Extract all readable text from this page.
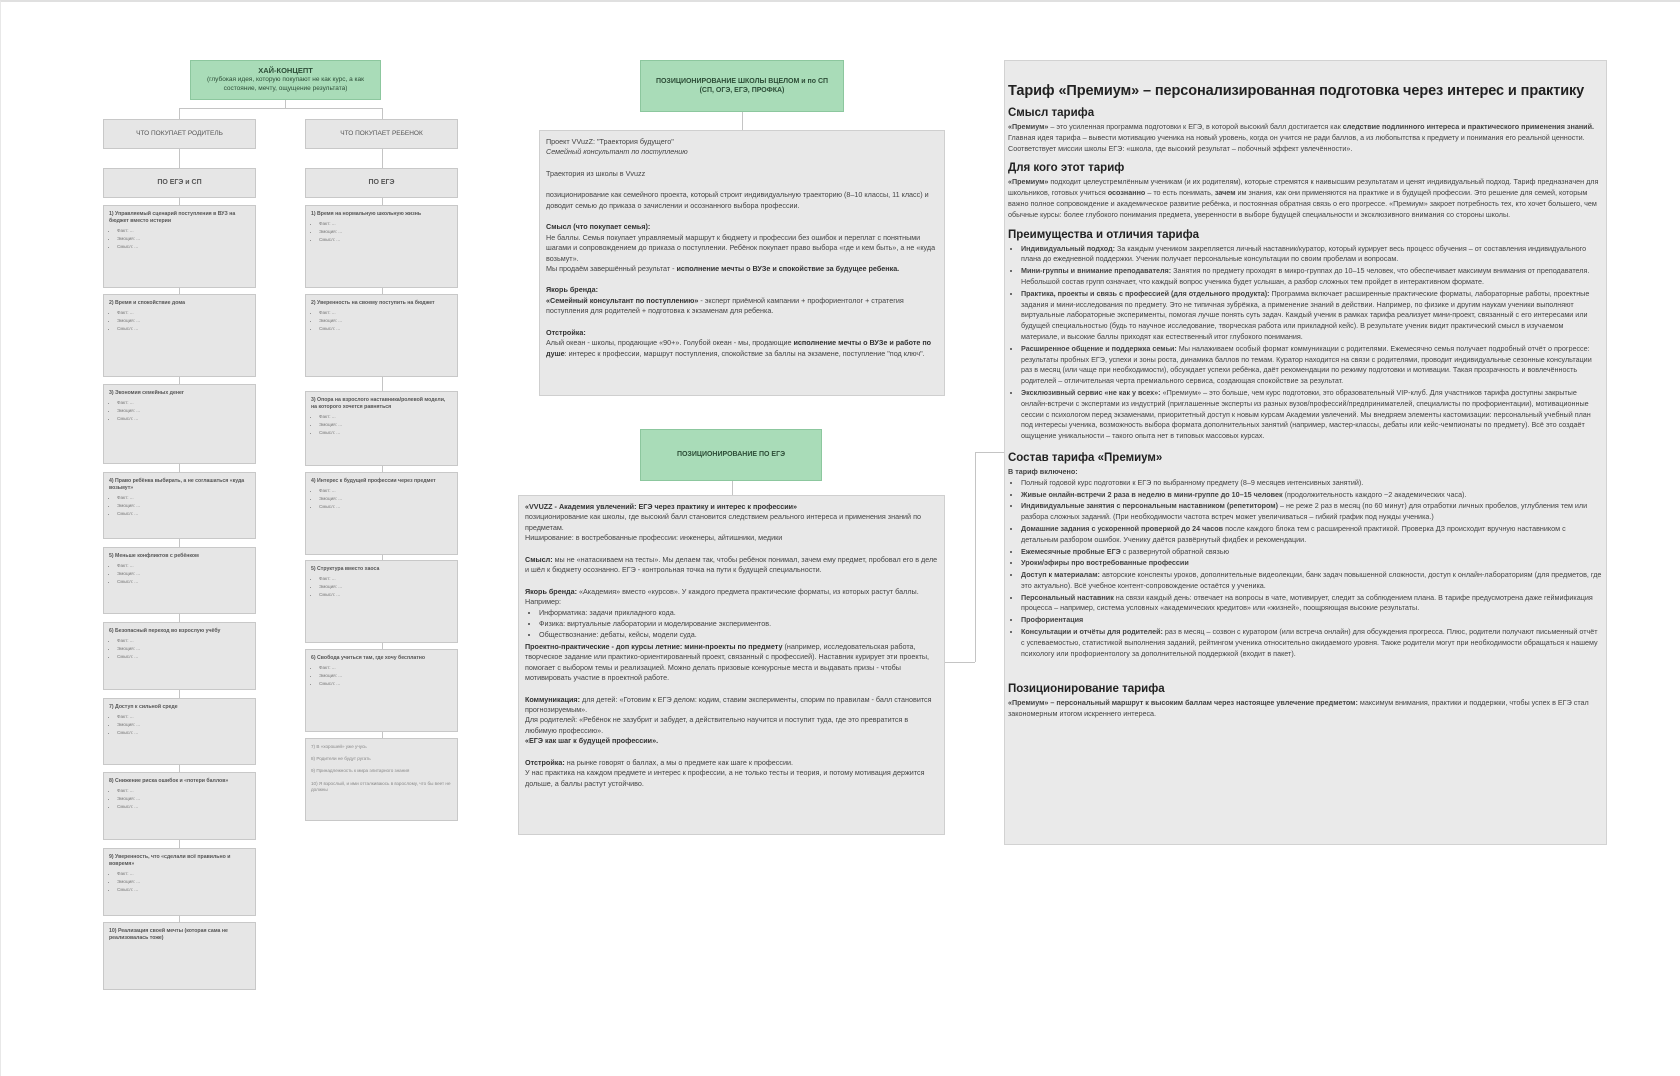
ХАЙ-КОНЦЕПТ
(глубокая идея, которую покупают не как курс, а как состояние, мечту, ощущение результата)
ЧТО ПОКУПАЕТ РОДИТЕЛЬ	ЧТО ПОКУПАЕТ РЕБЕНОК
ПО ЕГЭ и СП	ПО ЕГЭ
1) Управляемый сценарий поступления в ВУЗ на бюджет вместо истерии
• Факт: ...
• Эмоция: ...
• Смысл: ...
2) Время и спокойствие дома
• Факт: ...
• Эмоция: ...
• Смысл: ...
3) Экономия семейных денег
• Факт: ...
• Эмоция: ...
• Смысл: ...
4) Право ребёнка выбирать, а не соглашаться «куда возьмут»
• Факт: ...
• Эмоция: ...
• Смысл: ...
5) Меньше конфликтов с ребёнком
• Факт: ...
• Эмоция: ...
• Смысл: ...
6) Безопасный переход во взрослую учёбу
• Факт: ...
• Эмоция: ...
• Смысл: ...
7) Доступ к сильной среде
• Факт: ...
• Эмоция: ...
• Смысл: ...
8) Снижение риска ошибок и «потери баллов»
• Факт: ...
• Эмоция: ...
• Смысл: ...
9) Уверенность, что «сделали всё правильно и вовремя»
• Факт: ...
• Эмоция: ...
• Смысл: ...
10) Реализация своей мечты (которая сама не реализовалась тоже)
1) Время на нормальную школьную жизнь
• Факт: ...
• Эмоция: ...
• Смысл: ...
2) Уверенность на своему поступить на бюджет
• Факт: ...
• Эмоция: ...
• Смысл: ...
3) Опора на взрослого наставника/ролевой модели, на которого хочется равняться
• Факт: ...
• Эмоция: ...
• Смысл: ...
4) Интерес к будущей профессии через предмет
• Факт: ...
• Эмоция: ...
• Смысл: ...
5) Структура вместо хаоса
• Факт: ...
• Эмоция: ...
• Смысл: ...
6) Свобода учиться там, где хочу бесплатно
• Факт: ...
• Эмоция: ...
• Смысл: ...
7) В «хорошей» уже учусь
8) Родители не будут ругать
9) Принадлежность к мира элитарного знания
10) Я взрослый, и ими отталкиваюсь в взрослому, что бы веет не должны
ПОЗИЦИОНИРОВАНИЕ ШКОЛЫ ВЦЕЛОМ и по СП
(СП, ОГЭ, ЕГЭ, ПРОФКА)

Проект VVuzZ: "Траектория будущего"

Семейный консультант по поступлению

Траектория из школы в Vvuzz

позиционирование как семейного проекта, который строит индивидуальную траекторию (8–10 классы, 11 класс) и доводит семью до приказа о зачислении и осознанного выбора профессии.

Смысл (что покупает семья):

Не баллы. Семья покупает управляемый маршрут к бюджету и профессии без ошибок и переплат с понятными шагами и сопровождением до приказа о поступлении. Ребёнок покупает право выбора «где и кем быть», а не «куда возьмут».

Мы продаём завершённый результат - исполнение мечты о ВУЗе и спокойствие за будущее ребенка.

Якорь бренда:

«Семейный консультант по поступлению» - эксперт приёмной кампании + профориентолог + стратегия поступления для родителей + подготовка к экзаменам для ребенка.

Отстройка:

Алый океан - школы, продающие «90+». Голубой океан - мы, продающие исполнение мечты о ВУЗе и работе по душе: интерес к профессии, маршрут поступления, спокойствие за баллы на экзамене, поступление "под ключ".

ПОЗИЦИОНИРОВАНИЕ ПО ЕГЭ

«VVUZZ - Академия увлечений: ЕГЭ через практику и интерес к профессии»

позиционирование как школы, где высокий балл становится следствием реального интереса и применения знаний по предметам.

Ниширование: в востребованные профессии: инженеры, айтишники, медики

Смысл: мы не «натаскиваем на тесты». Мы делаем так, чтобы ребёнок понимал, зачем ему предмет, пробовал его в деле и шёл к бюджету осознанно. ЕГЭ - контрольная точка на пути к будущей специальности.

Якорь бренда: «Академия» вместо «курсов». У каждого предмета практические форматы, из которых растут баллы.

Например:

• Информатика: задачи прикладного кода.
• Физика: виртуальные лаборатории и моделирование экспериментов.
• Обществознание: дебаты, кейсы, модели суда.

Проектно-практические - доп курсы летние: мини-проекты по предмету (например, исследовательская работа, творческое задание или практико-ориентированный проект, связанный с профессией). Наставник курирует эти проекты, помогает с выбором темы и реализацией. Можно делать призовые конкурсные места и выдавать призы - чтобы мотивировать участие в проектной работе.

Коммуникация: для детей: «Готовим к ЕГЭ делом: кодим, ставим эксперименты, спорим по правилам - балл становится прогнозируемым».

Для родителей: «Ребёнок не зазубрит и забудет, а действительно научится и поступит туда, где это превратится в любимую профессию».

«ЕГЭ как шаг к будущей профессии».

Отстройка: на рынке говорят о баллах, а мы о предмете как шаге к профессии.

У нас практика на каждом предмете и интерес к профессии, а не только тесты и теория, и потому мотивация держится дольше, а баллы растут устойчиво.

Тариф «Премиум» – персонализированная подготовка через интерес и практику
Смысл тарифа

«Премиум» – это усиленная программа подготовки к ЕГЭ, в которой высокий балл достигается как следствие подлинного интереса и практического применения знаний. Главная идея тарифа – вывести мотивацию ученика на новый уровень, когда он учится не ради баллов, а из любопытства к предмету и понимания его реальной ценности. Соответствует миссии школы ЕГЭ: «школа, где высокий результат – побочный эффект увлечённости».

Для кого этот тариф

«Премиум» подходит целеустремлённым ученикам (и их родителям), которые стремятся к наивысшим результатам и ценят индивидуальный подход. Тариф предназначен для школьников, готовых учиться осознанно – то есть понимать, зачем им знания, как они применяются на практике и в будущей профессии. Это решение для семей, которым важно полное сопровождение и академическое развитие ребёнка, и постоянная обратная связь о его прогрессе. «Премиум» закроет потребность тех, кто хочет большего, чем обычные курсы: более глубокого понимания предмета, уверенности в выборе будущей специальности и эксклюзивного внимания со стороны школы.

Преимущества и отличия тарифа
• Индивидуальный подход: За каждым учеником закрепляется личный наставник/куратор, который курирует весь процесс обучения – от составления индивидуального плана до ежедневной поддержки. Ученик получает персональные консультации по своим пробелам и вопросам.
• Мини-группы и внимание преподавателя: Занятия по предмету проходят в микро-группах до 10–15 человек, что обеспечивает максимум внимания от преподавателя. Небольшой состав групп означает, что каждый вопрос ученика будет услышан, а разбор сложных тем пройдет в интерактивном формате.
• Практика, проекты и связь с профессией (для отдельного продукта): Программа включает расширенные практические форматы, лабораторные работы, проектные задания и мини-исследования по предмету. Это не типичная зубрёжка, а применение знаний в действии. Например, по физике и другим наукам ученики выполняют виртуальные лабораторные эксперименты, помогая лучше понять суть задач. Каждый ученик в рамках тарифа реализует мини-проект, связанный с его интересами или будущей специальностью (будь то научное исследование, творческая работа или прикладной кейс). В результате ученик видит практический смысл в изучаемом материале, и высокие баллы приходят как естественный итог глубокого понимания.
• Расширенное общение и поддержка семьи: Мы налаживаем особый формат коммуникации с родителями. Ежемесячно семья получает подробный отчёт о прогрессе: результаты пробных ЕГЭ, успехи и зоны роста, динамика баллов по темам. Куратор находится на связи с родителями, проводит индивидуальные сезонные консультации раз в месяц (или чаще при необходимости), обсуждает успехи ребёнка, даёт рекомендации по режиму подготовки и мотивации. Такая прозрачность и вовлечённость родителей – отличительная черта премиального сервиса, создающая спокойствие за результат.
• Эксклюзивный сервис «не как у всех»: «Премиум» – это больше, чем курс подготовки, это образовательный VIP-клуб. Для участников тарифа доступны закрытые онлайн-встречи с экспертами из индустрий (приглашенные эксперты из разных вузов/профессий/предпринимателей, специалисты по профориентации), мотивационные сессии с психологом перед экзаменами, приоритетный доступ к новым курсам Академии увлечений. Мы внедряем элементы кастомизации: персональный учебный план под интересы ученика, возможность выбора формата дополнительных занятий (например, мастер-классы, дебаты или кейс-чемпионаты по предмету). Всё это создаёт ощущение уникальности – такого опыта нет в типовых массовых курсах.
Состав тарифа «Премиум»

В тариф включено:

• Полный годовой курс подготовки к ЕГЭ по выбранному предмету (8–9 месяцев интенсивных занятий).
• Живые онлайн-встречи 2 раза в неделю в мини-группе до 10–15 человек (продолжительность каждого ~2 академических часа).
• Индивидуальные занятия с персональным наставником (репетитором) – не реже 2 раз в месяц (по 60 минут) для отработки личных пробелов, углубления тем или разбора сложных заданий. (При необходимости частота встреч может увеличиваться – гибкий график под нужды ученика.)
• Домашние задания с ускоренной проверкой до 24 часов после каждого блока тем с расширенной практикой. Проверка ДЗ происходит вручную наставником с детальным разбором ошибок. Ученику даётся развёрнутый фидбек и рекомендации.
• Ежемесячные пробные ЕГЭ с развернутой обратной связью
• Уроки/эфиры про востребованные профессии
• Доступ к материалам: авторские конспекты уроков, дополнительные видеолекции, банк задач повышенной сложности, доступ к онлайн-лабораториям (для предметов, где это актуально). Всё учебное контент-сопровождение остаётся у ученика.
• Персональный наставник на связи каждый день: отвечает на вопросы в чате, мотивирует, следит за соблюдением плана. В тарифе предусмотрена даже геймификация процесса – например, система условных «академических кредитов» или «жизней», поощряющая высокие результаты.
• Профориентация
• Консультации и отчёты для родителей: раз в месяц – созвон с куратором (или встреча онлайн) для обсуждения прогресса. Плюс, родители получают письменный отчёт с успеваемостью, статистикой выполнения заданий, рейтингом ученика относительно ожидаемого уровня. Также родители могут при необходимости обращаться к нашему психологу или профориентологу за дополнительной поддержкой (входит в пакет).
Позиционирование тарифа

«Премиум» – персональный маршрут к высоким баллам через настоящее увлечение предметом: максимум внимания, практики и поддержки, чтобы успех в ЕГЭ стал закономерным итогом искреннего интереса.
